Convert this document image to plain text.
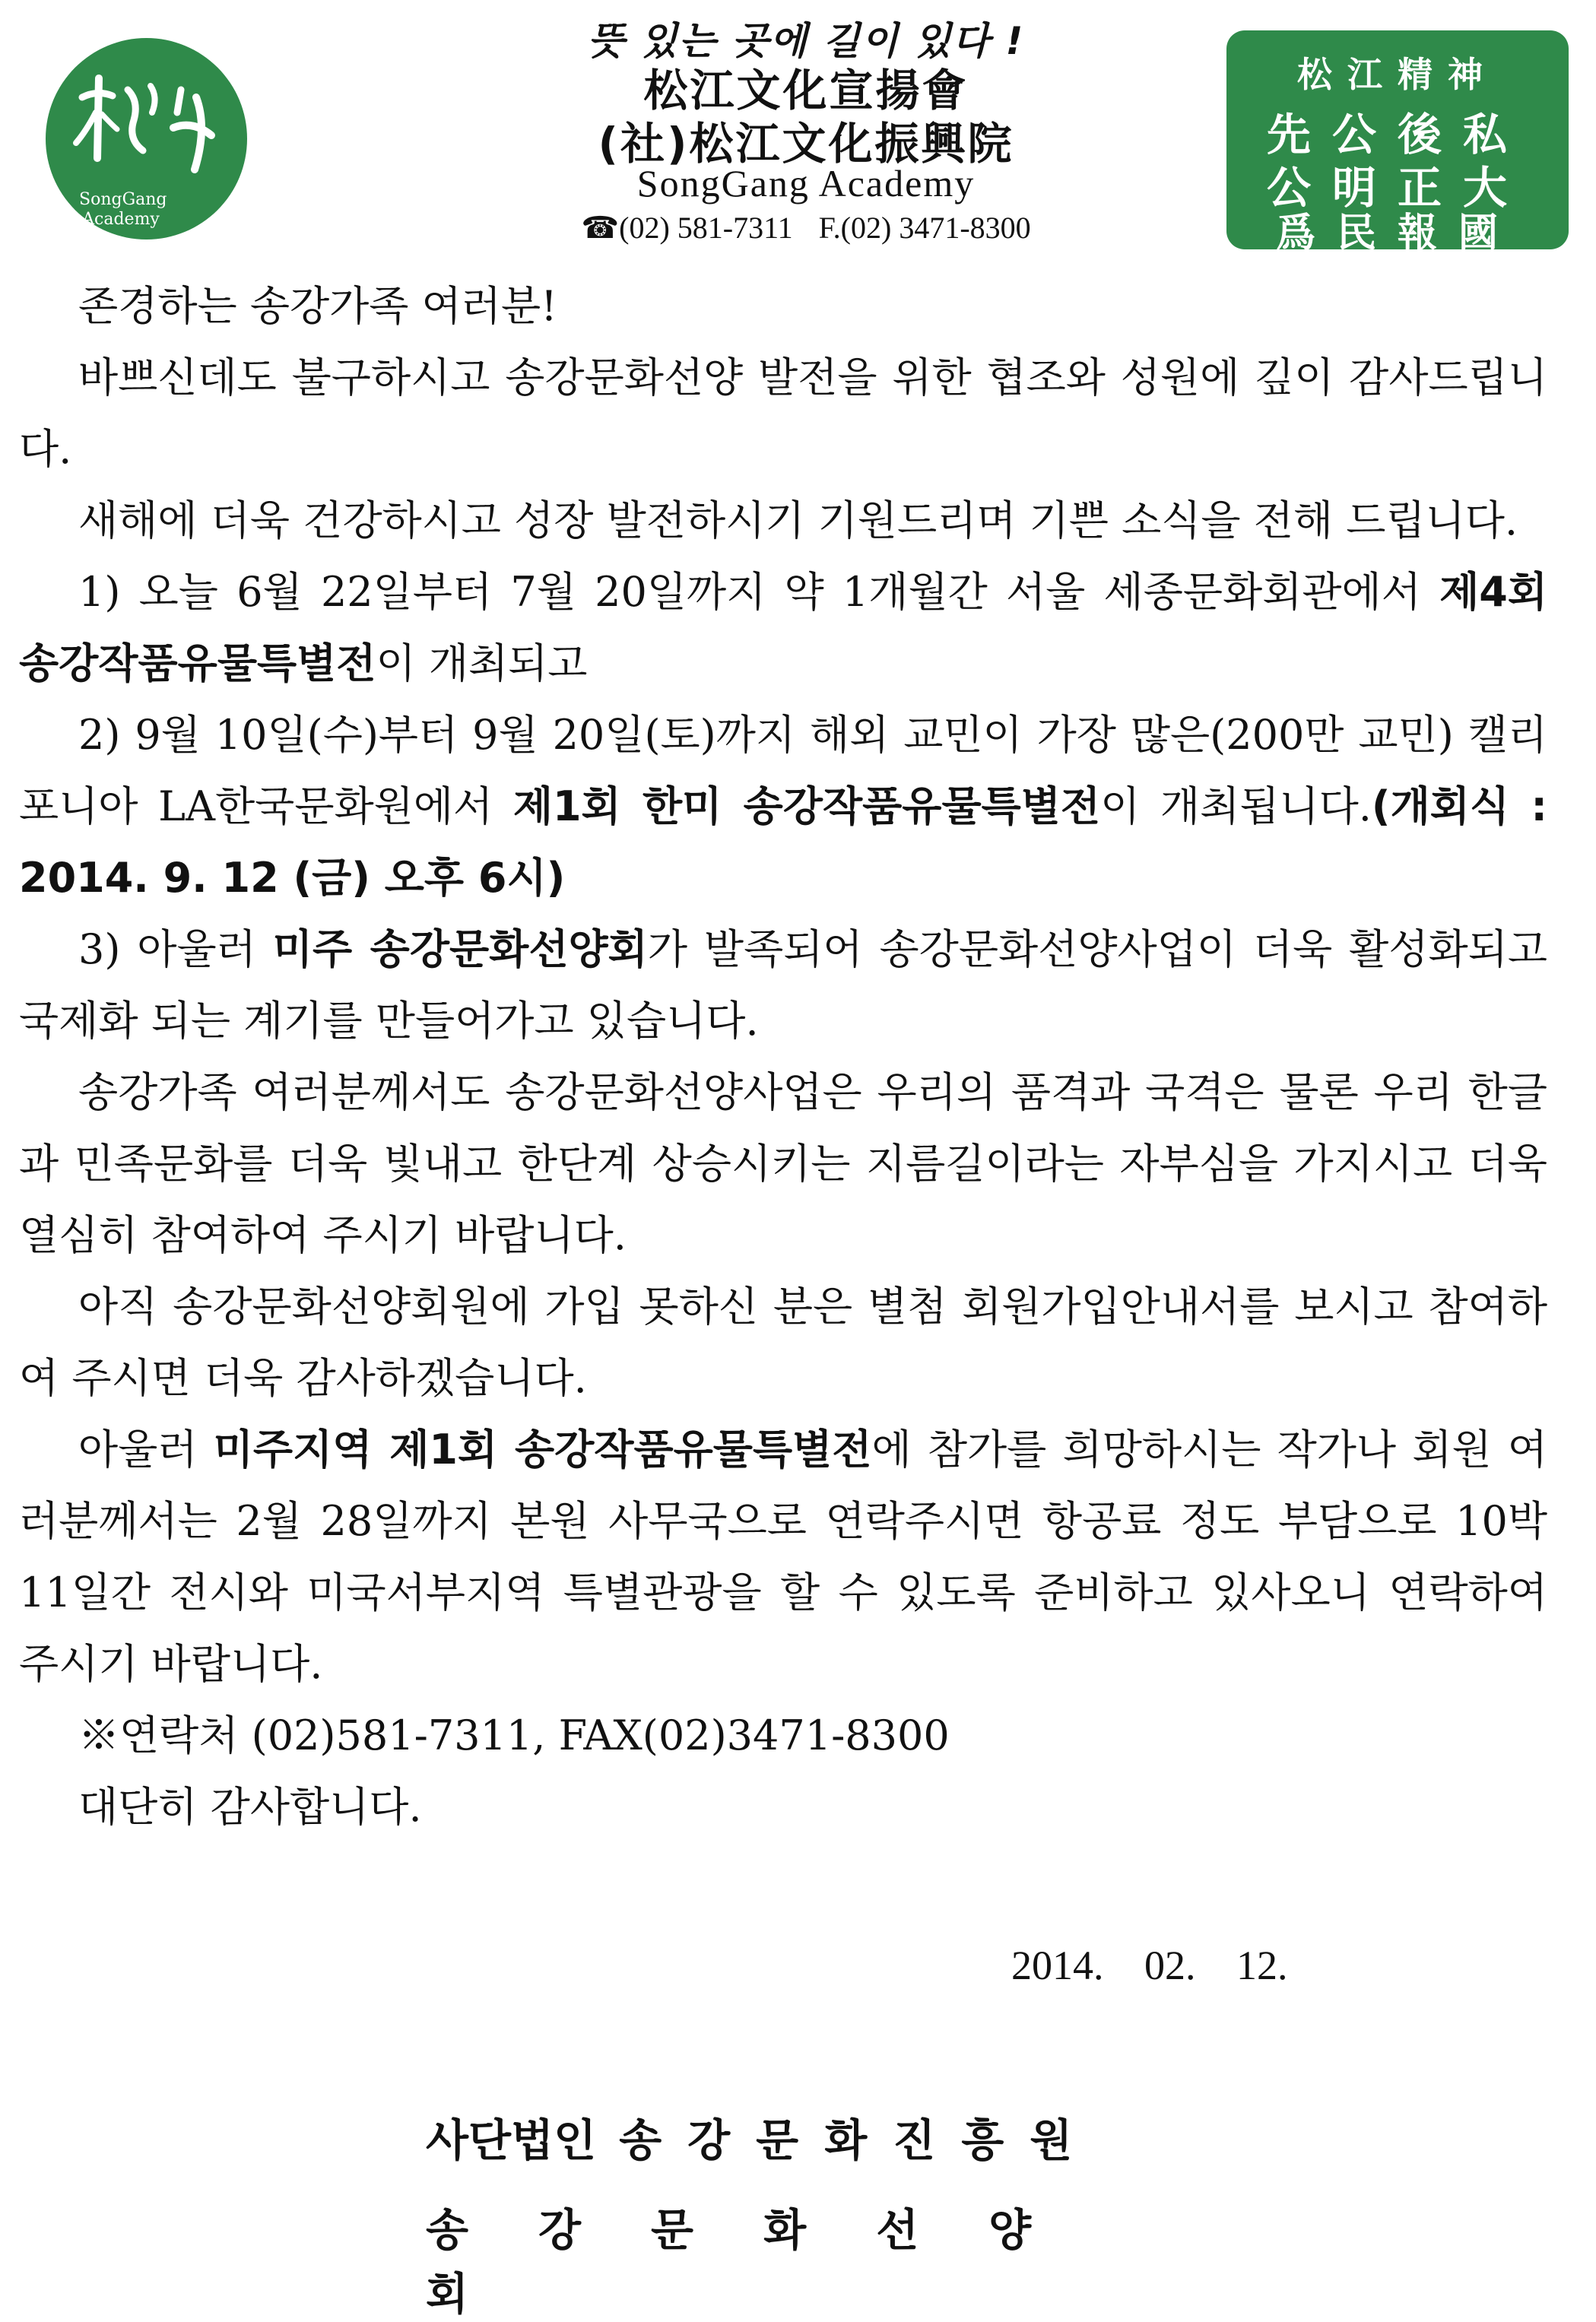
SongGang
Academy
뜻 있는 곳에 길이 있다 !
松江文化宣揚會
(社)松江文化振興院
SongGang Academy
☎(02) 581-7311 F.(02) 3471-8300
松江精神
先公後私
公明正大
爲民報國

존경하는 송강가족 여러분!

바쁘신데도 불구하시고 송강문화선양 발전을 위한 협조와 성원에 깊이 감사드립니다.

새해에 더욱 건강하시고 성장 발전하시기 기원드리며 기쁜 소식을 전해 드립니다.

1) 오늘 6월 22일부터 7월 20일까지 약 1개월간 서울 세종문화회관에서 제4회 송강작품유물특별전이 개최되고

2) 9월 10일(수)부터 9월 20일(토)까지 해외 교민이 가장 많은(200만 교민) 캘리포니아 LA한국문화원에서 제1회 한미 송강작품유물특별전이 개최됩니다.(개회식 : 2014. 9. 12 (금) 오후 6시)

3) 아울러 미주 송강문화선양회가 발족되어 송강문화선양사업이 더욱 활성화되고 국제화 되는 계기를 만들어가고 있습니다.

송강가족 여러분께서도 송강문화선양사업은 우리의 품격과 국격은 물론 우리 한글과 민족문화를 더욱 빛내고 한단계 상승시키는 지름길이라는 자부심을 가지시고 더욱 열심히 참여하여 주시기 바랍니다.

아직 송강문화선양회원에 가입 못하신 분은 별첨 회원가입안내서를 보시고 참여하여 주시면 더욱 감사하겠습니다.

아울러 미주지역 제1회 송강작품유물특별전에 참가를 희망하시는 작가나 회원 여러분께서는 2월 28일까지 본원 사무국으로 연락주시면 항공료 정도 부담으로 10박 11일간 전시와 미국서부지역 특별관광을 할 수 있도록 준비하고 있사오니 연락하여 주시기 바랍니다.

※연락처 (02)581-7311, FAX(02)3471-8300

대단히 감사합니다.

2014. 02. 12.
사단법인 송강문화진흥원
송강문화선양회
